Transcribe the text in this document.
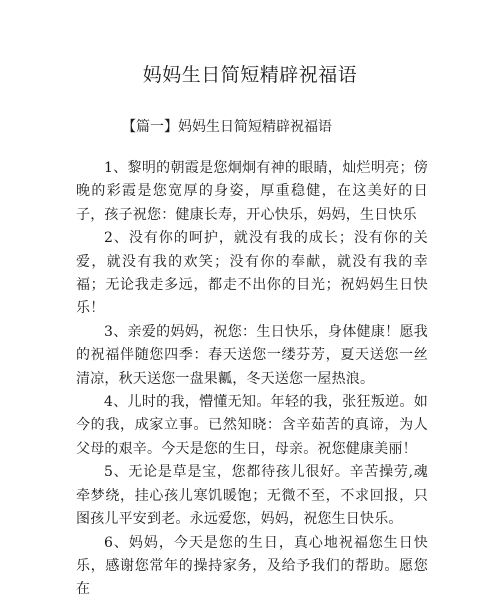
妈妈生日简短精辟祝福语

【篇一】妈妈生日简短精辟祝福语

1、黎明的朝霞是您炯炯有神的眼睛，灿烂明亮；傍晚的彩霞是您宽厚的身姿，厚重稳健，在这美好的日子，孩子祝您：健康长寿，开心快乐，妈妈，生日快乐

2、没有你的呵护，就没有我的成长；没有你的关爱，就没有我的欢笑；没有你的奉献，就没有我的幸福；无论我走多远，都走不出你的目光；祝妈妈生日快乐！

3、亲爱的妈妈，祝您：生日快乐，身体健康！愿我的祝福伴随您四季：春天送您一缕芬芳，夏天送您一丝清凉，秋天送您一盘果瓤，冬天送您一屋热浪。

4、儿时的我，懵懂无知。年轻的我，张狂叛逆。如今的我，成家立事。已然知晓：含辛茹苦的真谛，为人父母的艰辛。今天是您的生日，母亲。祝您健康美丽！

5、无论是草是宝，您都待孩儿很好。辛苦操劳,魂牵梦绕，挂心孩儿寒饥暖饱；无微不至，不求回报，只图孩儿平安到老。永远爱您，妈妈，祝您生日快乐。

6、妈妈，今天是您的生日，真心地祝福您生日快乐，感谢您常年的操持家务，及给予我们的帮助。愿您在
